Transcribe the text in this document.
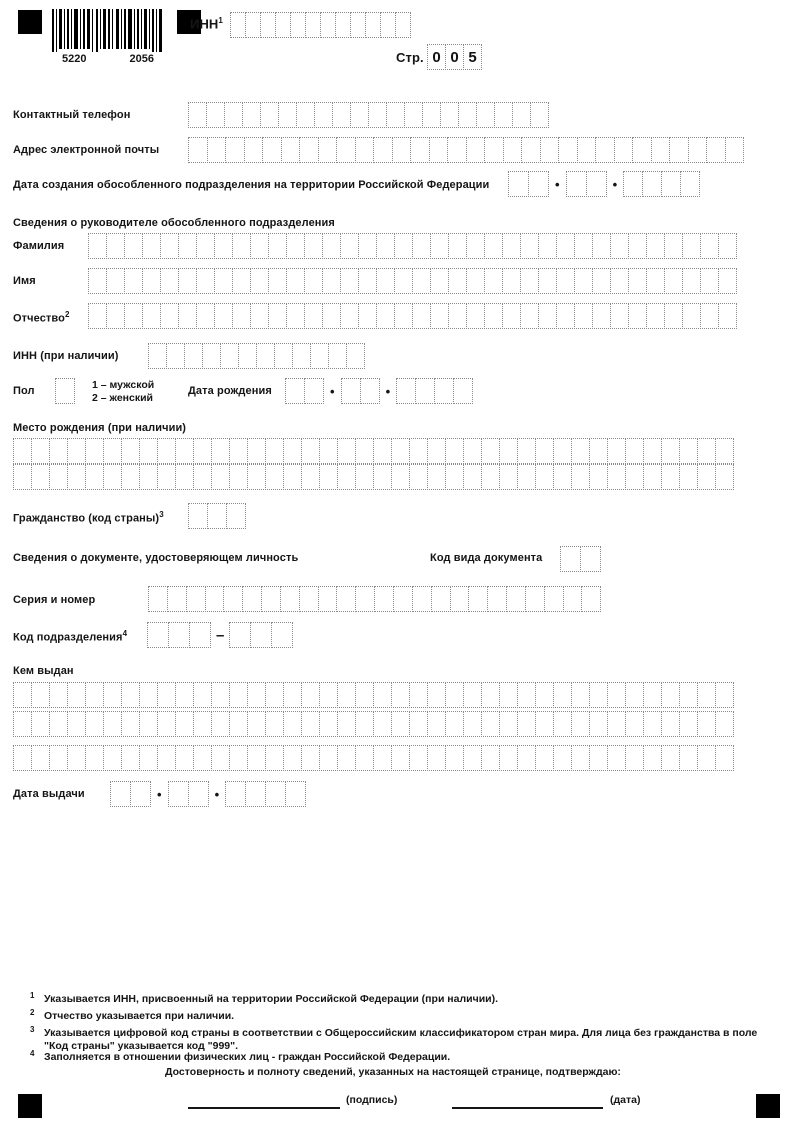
5220	2056
ИНН$^1$
Стр. 0 0 5
Контактный телефон
Адрес электронной почты
Дата создания обособленного подразделения на территории Российской Федерации	•	•
Сведения о руководителе обособленного подразделения
Фамилия
Имя
Отчество$^2$
ИНН (при наличии)
Пол	1 – мужской
2 – женский
Дата рождения	•	•
Место рождения (при наличии)
Гражданство (код страны)$^3$
Сведения о документе, удостоверяющем личность	Код вида документа
Серия и номер
Код подразделения$^4$	–
Кем выдан
Дата выдачи	•	•
1 Указывается ИНН, присвоенный на территории Российской Федерации (при наличии).
2 Отчество указывается при наличии.
3 Указывается цифровой код страны в соответствии с Общероссийским классификатором стран мира. Для лица без гражданства в поле "Код страны" указывается код "999".
4 Заполняется в отношении физических лиц - граждан Российской Федерации.
Достоверность и полноту сведений, указанных на настоящей странице, подтверждаю:
(подпись)	(дата)
